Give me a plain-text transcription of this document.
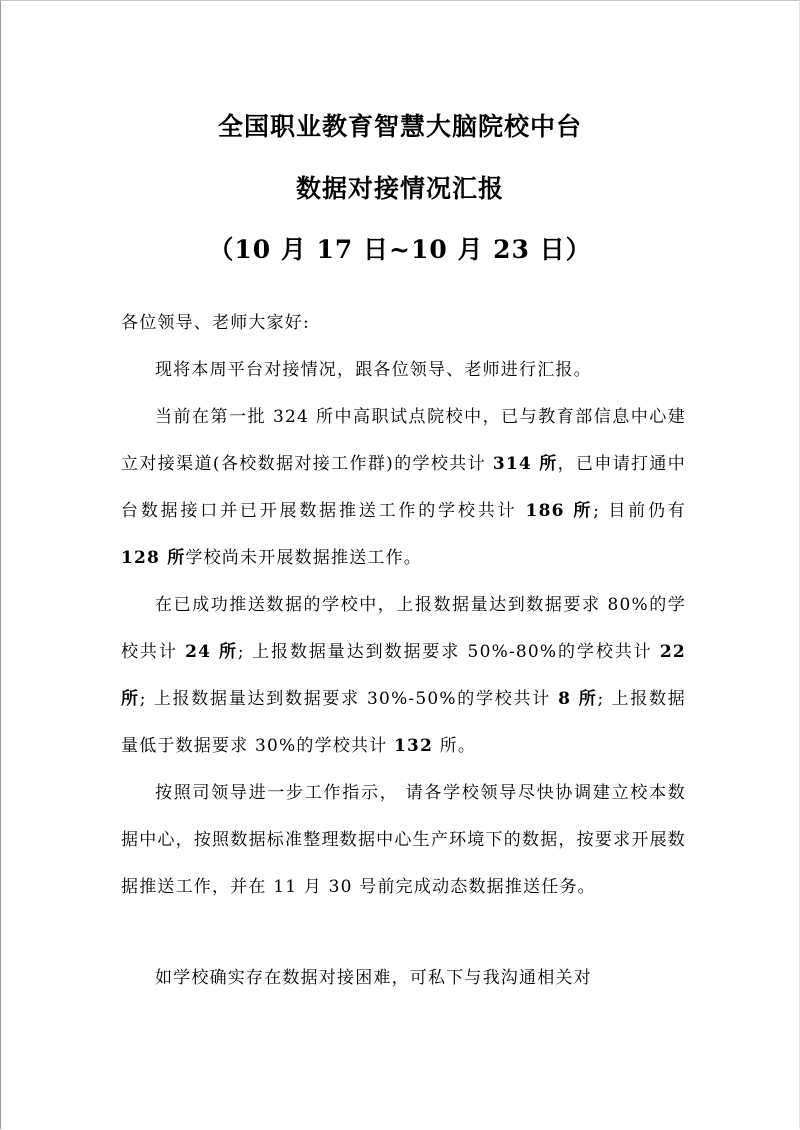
全国职业教育智慧大脑院校中台
数据对接情况汇报
（10 月 17 日~10 月 23 日）

各位领导、老师大家好:

现将本周平台对接情况，跟各位领导、老师进行汇报。

当前在第一批 324 所中高职试点院校中，已与教育部信息中心建立对接渠道(各校数据对接工作群)的学校共计 314 所，已申请打通中台数据接口并已开展数据推送工作的学校共计 186 所; 目前仍有 128 所学校尚未开展数据推送工作。

在已成功推送数据的学校中，上报数据量达到数据要求 80%的学校共计 24 所; 上报数据量达到数据要求 50%-80%的学校共计 22 所; 上报数据量达到数据要求 30%-50%的学校共计 8 所; 上报数据量低于数据要求 30%的学校共计 132 所。

按照司领导进一步工作指示， 请各学校领导尽快协调建立校本数据中心，按照数据标准整理数据中心生产环境下的数据，按要求开展数据推送工作，并在 11 月 30 号前完成动态数据推送任务。

如学校确实存在数据对接困难，可私下与我沟通相关对
